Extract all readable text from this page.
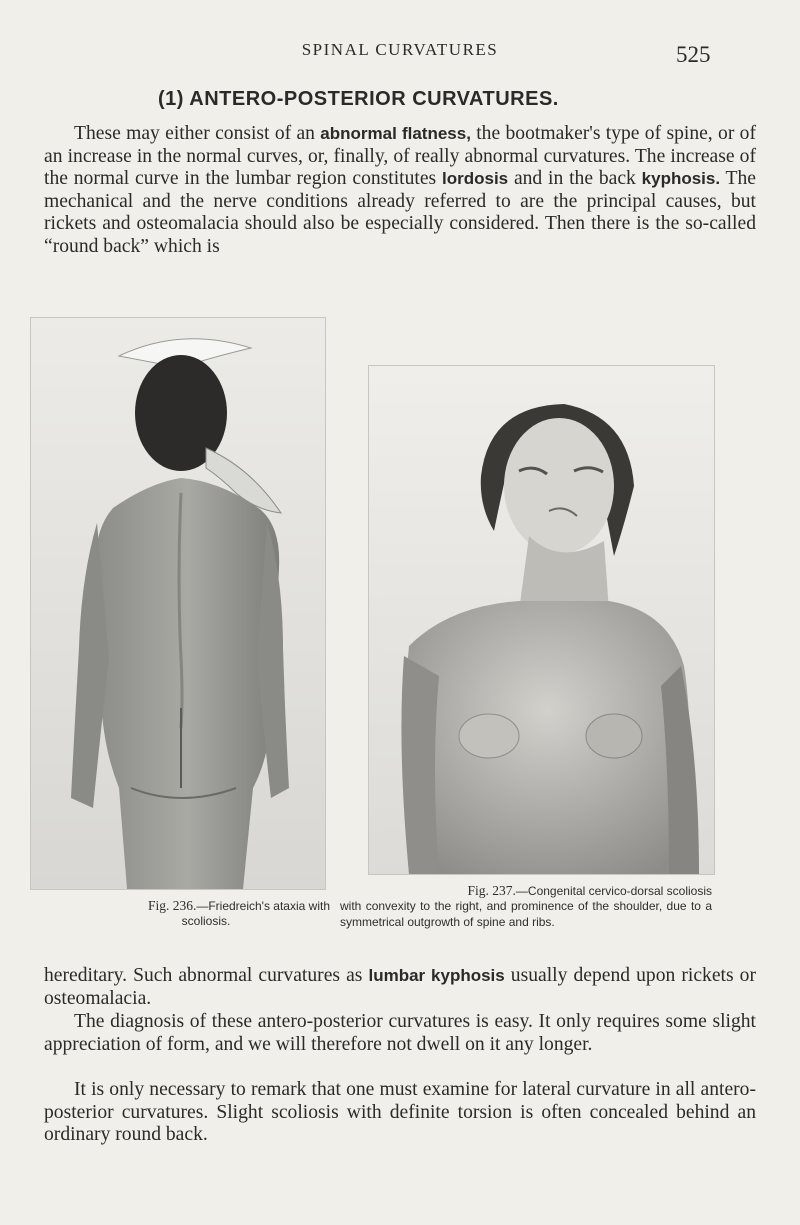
SPINAL CURVATURES	525
(1) ANTERO-POSTERIOR CURVATURES.
These may either consist of an abnormal flatness, the bootmaker's type of spine, or of an increase in the normal curves, or, finally, of really abnormal curvatures. The increase of the normal curve in the lumbar region constitutes lordosis and in the back kyphosis. The mechanical and the nerve conditions already referred to are the principal causes, but rickets and osteomalacia should also be especially considered. Then there is the so-called “round back” which is
Fig. 237.—Congenital cervico-dorsal scoliosis
with convexity to the right, and prominence of the shoulder, due to a symmetrical outgrowth of spine and ribs.
Fig. 236.—Friedreich's ataxia with
scoliosis.
hereditary. Such abnormal curvatures as lumbar kyphosis usually depend upon rickets or osteomalacia.
The diagnosis of these antero-posterior curvatures is easy. It only requires some slight appreciation of form, and we will therefore not dwell on it any longer.
It is only necessary to remark that one must examine for lateral curvature in all antero-posterior curvatures. Slight scoliosis with definite torsion is often concealed behind an ordinary round back.
